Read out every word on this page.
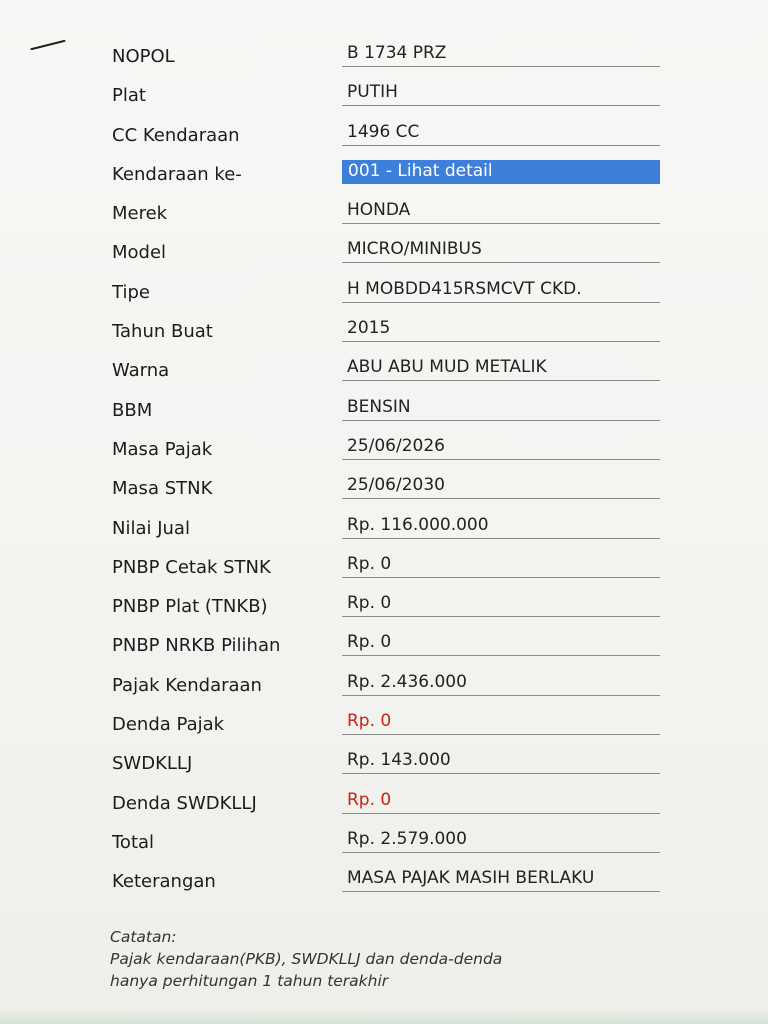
NOPOL	B 1734 PRZ
Plat	PUTIH
CC Kendaraan	1496 CC
Kendaraan ke-	001 - Lihat detail
Merek	HONDA
Model	MICRO/MINIBUS
Tipe	H MOBDD415RSMCVT CKD.
Tahun Buat	2015
Warna	ABU ABU MUD METALIK
BBM	BENSIN
Masa Pajak	25/06/2026
Masa STNK	25/06/2030
Nilai Jual	Rp. 116.000.000
PNBP Cetak STNK	Rp. 0
PNBP Plat (TNKB)	Rp. 0
PNBP NRKB Pilihan	Rp. 0
Pajak Kendaraan	Rp. 2.436.000
Denda Pajak	Rp. 0
SWDKLLJ	Rp. 143.000
Denda SWDKLLJ	Rp. 0
Total	Rp. 2.579.000
Keterangan	MASA PAJAK MASIH BERLAKU
Catatan:
Pajak kendaraan(PKB), SWDKLLJ dan denda-denda
hanya perhitungan 1 tahun terakhir
